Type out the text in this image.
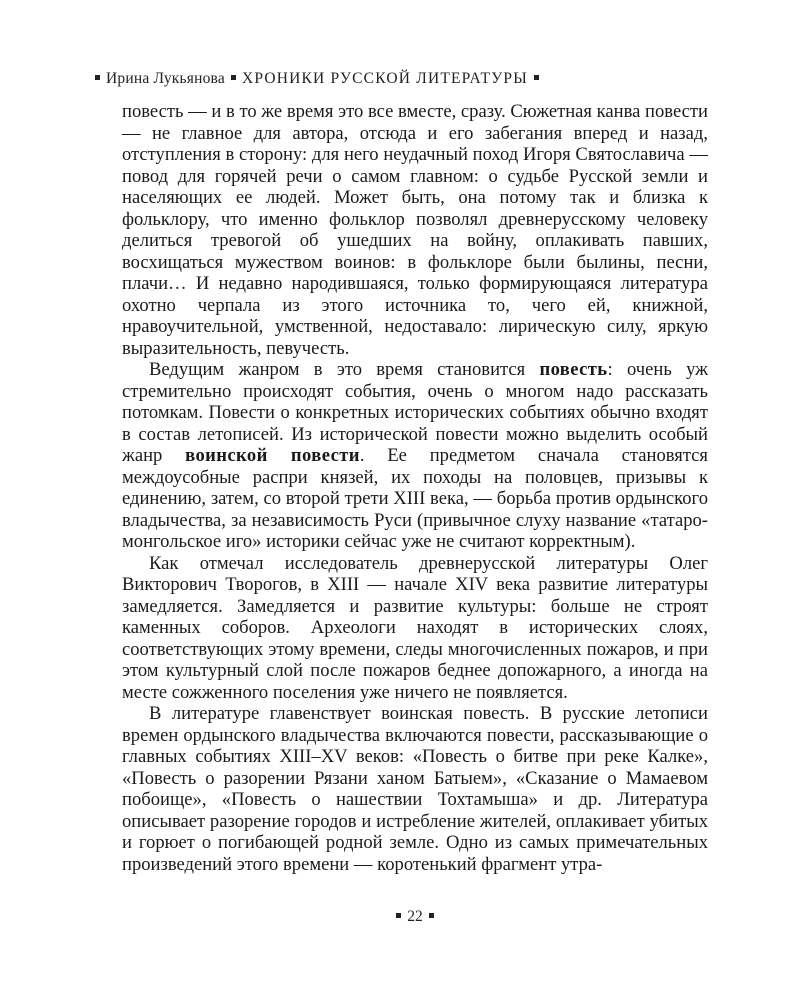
Ирина Лукьянова ХРОНИКИ РУССКОЙ ЛИТЕРАТУРЫ

повесть — и в то же время это все вместе, сразу. Сюжетная канва повести — не главное для автора, отсюда и его забегания вперед и назад, отступления в сторону: для него неудачный поход Игоря Святославича — повод для горячей речи о самом главном: о судьбе Русской земли и населяющих ее людей. Может быть, она потому так и близка к фольклору, что именно фольклор позволял древнерусскому человеку делиться тревогой об ушедших на войну, оплакивать павших, восхищаться мужеством воинов: в фольклоре были былины, песни, плачи… И недавно народившаяся, только формирующаяся литература охотно черпала из этого источника то, чего ей, книжной, нравоучительной, умственной, недоставало: лирическую силу, яркую выразительность, певучесть.

Ведущим жанром в это время становится повесть: очень уж стремительно происходят события, очень о многом надо рассказать потомкам. Повести о конкретных исторических событиях обычно входят в состав летописей. Из исторической повести можно выделить особый жанр воинской повести. Ее предметом сначала становятся междоусобные распри князей, их походы на половцев, призывы к единению, затем, со второй трети XIII века, — борьба против ордынского владычества, за независимость Руси (привычное слуху название «татаро-монгольское иго» историки сейчас уже не считают корректным).

Как отмечал исследователь древнерусской литературы Олег Викторович Творогов, в XIII — начале XIV века развитие литературы замедляется. Замедляется и развитие культуры: больше не строят каменных соборов. Археологи находят в исторических слоях, соответствующих этому времени, следы многочисленных пожаров, и при этом культурный слой после пожаров беднее допожарного, а иногда на месте сожженного поселения уже ничего не появляется.

В литературе главенствует воинская повесть. В русские летописи времен ордынского владычества включаются повести, рассказывающие о главных событиях XIII–XV веков: «Повесть о битве при реке Калке», «Повесть о разорении Рязани ханом Батыем», «Сказание о Мамаевом побоище», «Повесть о нашествии Тохтамыша» и др. Литература описывает разорение городов и истребление жителей, оплакивает убитых и горюет о погибающей родной земле. Одно из самых примечательных произведений этого времени — коротенький фрагмент утра-

22
